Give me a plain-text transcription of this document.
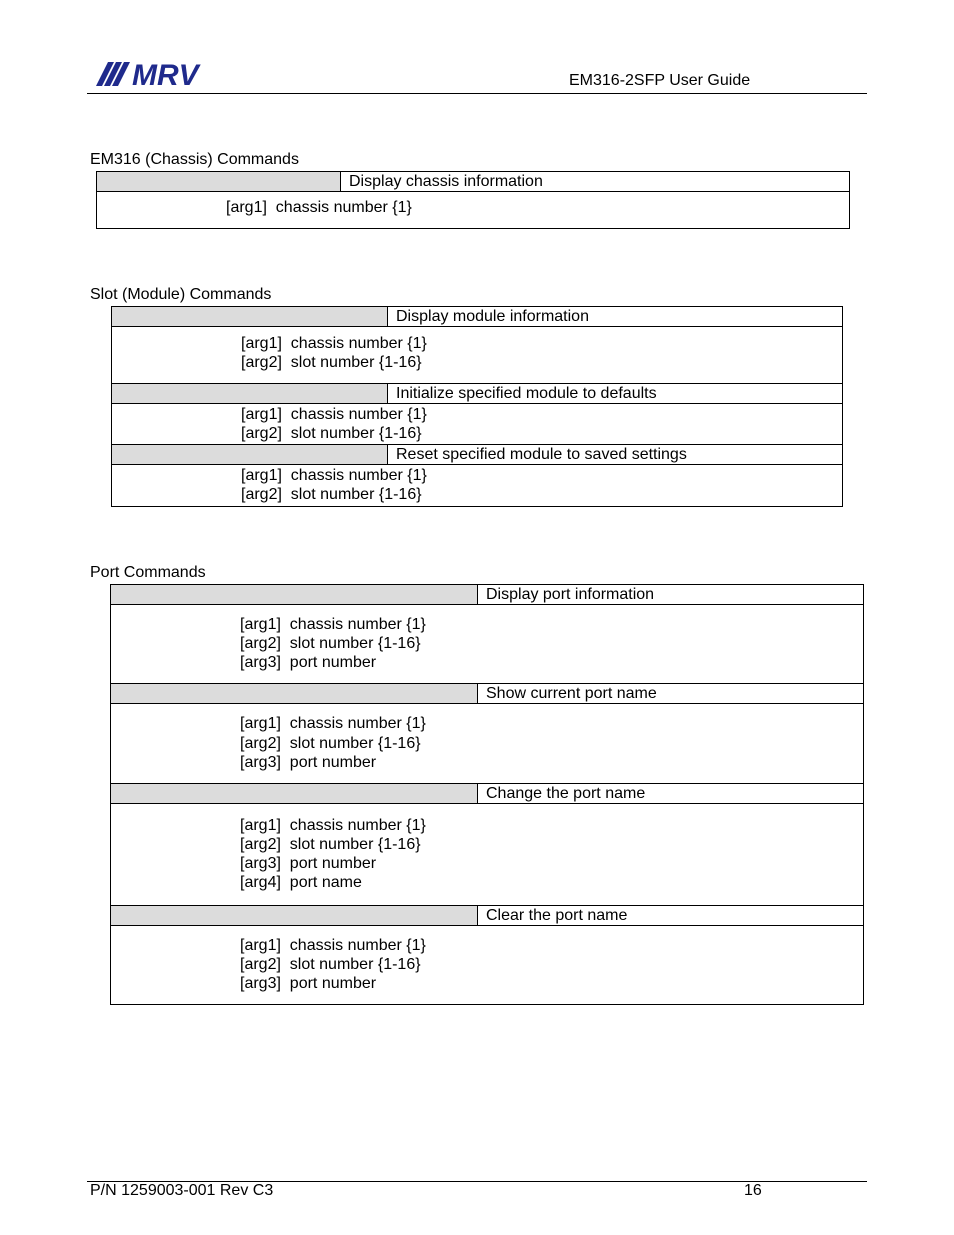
MRV	EM316-2SFP User Guide
EM316 (Chassis) Commands
Display chassis information
[arg1]  chassis number {1}
Slot (Module) Commands
Display module information
[arg1]  chassis number {1}
[arg2]  slot number {1-16}
Initialize specified module to defaults
[arg1]  chassis number {1}
[arg2]  slot number {1-16}
Reset specified module to saved settings
[arg1]  chassis number {1}
[arg2]  slot number {1-16}
Port Commands
Display port information
[arg1]  chassis number {1}
[arg2]  slot number {1-16}
[arg3]  port number
Show current port name
[arg1]  chassis number {1}
[arg2]  slot number {1-16}
[arg3]  port number
Change the port name
[arg1]  chassis number {1}
[arg2]  slot number {1-16}
[arg3]  port number
[arg4]  port name
Clear the port name
[arg1]  chassis number {1}
[arg2]  slot number {1-16}
[arg3]  port number
P/N 1259003-001 Rev C3	16
